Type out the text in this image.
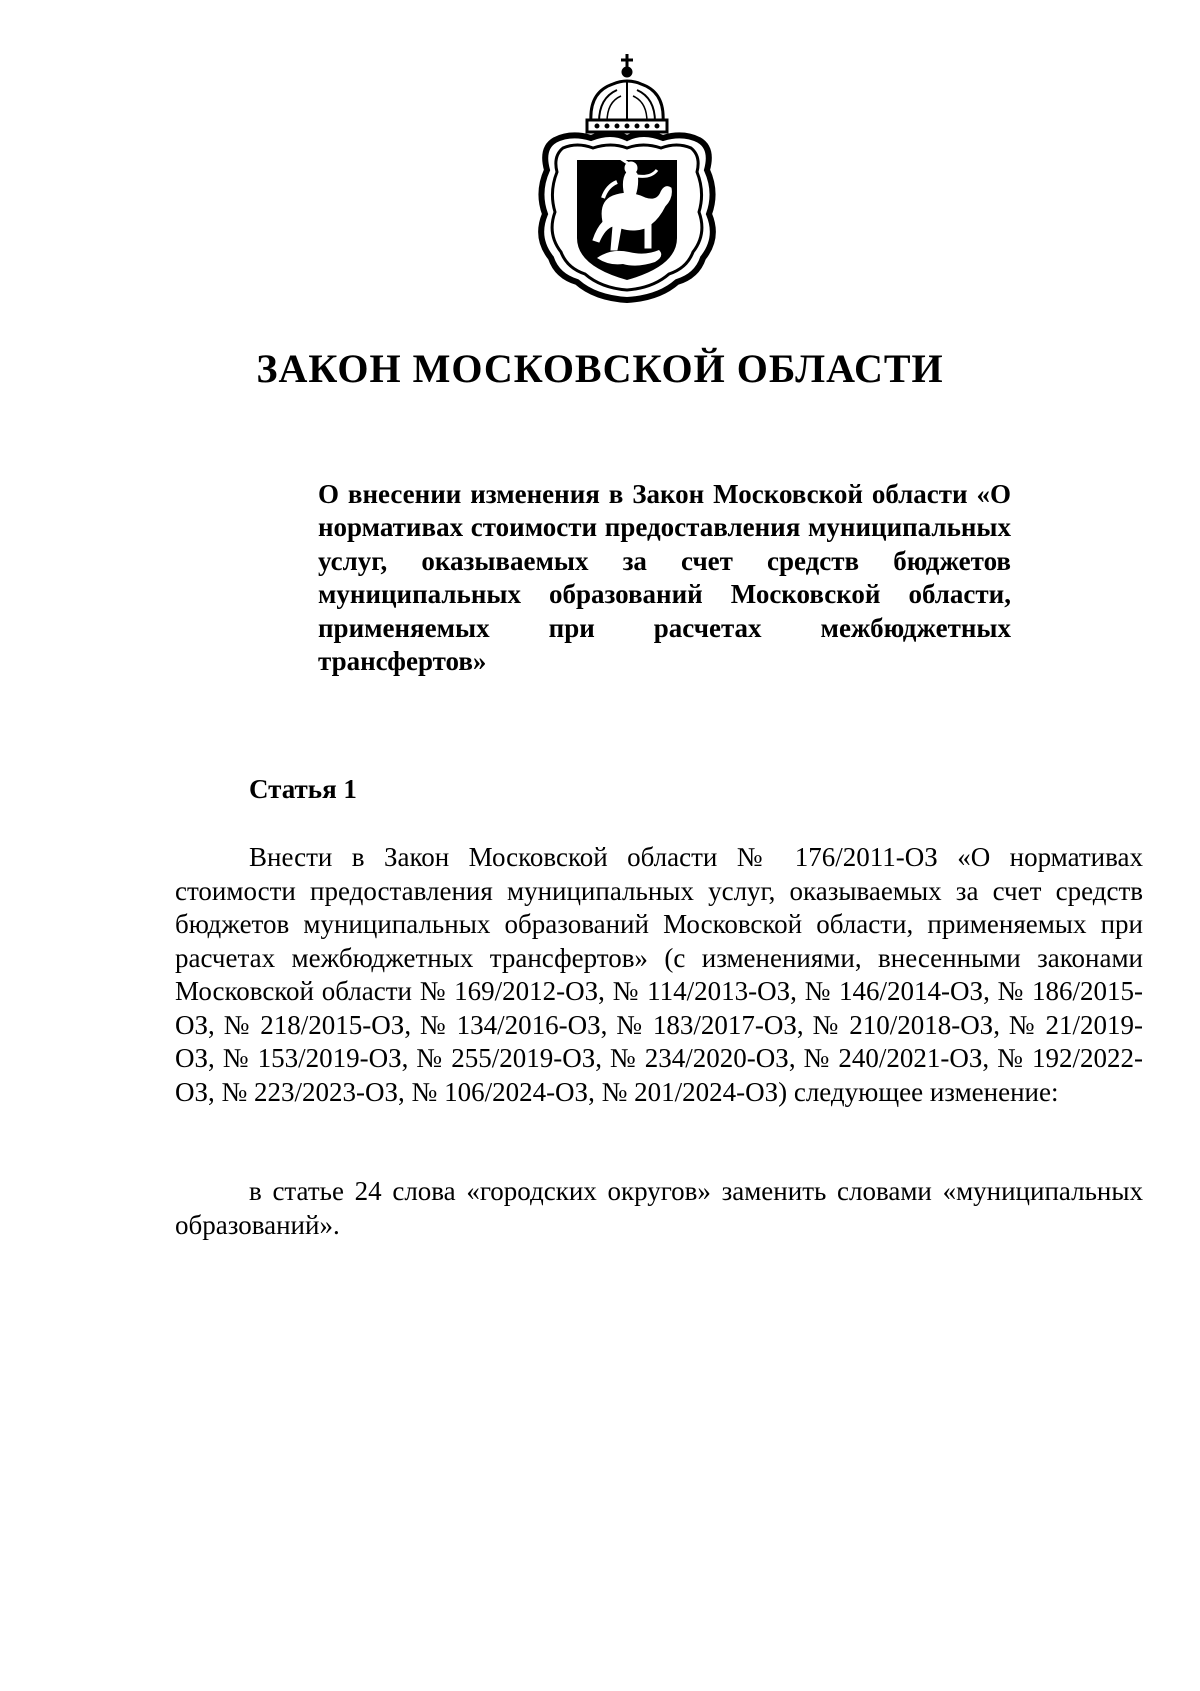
ЗАКОН МОСКОВСКОЙ ОБЛАСТИ
О внесении изменения в Закон Московской области «О нормативах стоимости предоставления муниципальных услуг, оказываемых за счет средств бюджетов муниципальных образований Московской области, применяемых при расчетах межбюджетных трансфертов»
Статья 1

Внести в Закон Московской области № 176/2011-ОЗ «О нормативах стоимости предоставления муниципальных услуг, оказываемых за счет средств бюджетов муниципальных образований Московской области, применяемых при расчетах межбюджетных трансфертов» (с изменениями, внесенными законами Московской области № 169/2012-ОЗ, № 114/2013-ОЗ, № 146/2014-ОЗ, № 186/2015-ОЗ, № 218/2015-ОЗ, № 134/2016-ОЗ, № 183/2017-ОЗ, № 210/2018-ОЗ, № 21/2019-ОЗ, № 153/2019-ОЗ, № 255/2019-ОЗ, № 234/2020-ОЗ, № 240/2021-ОЗ, № 192/2022-ОЗ, № 223/2023-ОЗ, № 106/2024-ОЗ, № 201/2024-ОЗ) следующее изменение:

в статье 24 слова «городских округов» заменить словами «муниципальных образований».
